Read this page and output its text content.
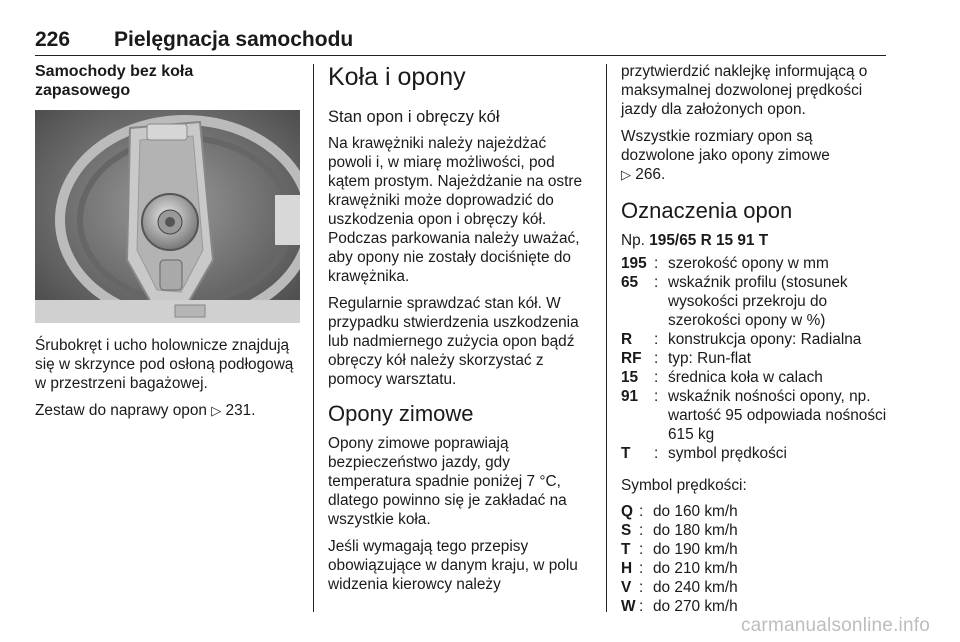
226 Pielęgnacja samochodu
Samochody bez koła
zapasowego

Śrubokręt i ucho holownicze znajdują się w skrzynce pod osłoną podłogową w przestrzeni bagażowej.

Zestaw do naprawy opon ▷ 231.

Koła i opony
Stan opon i obręczy kół

Na krawężniki należy najeżdżać powoli i, w miarę możliwości, pod kątem prostym. Najeżdżanie na ostre krawężniki może doprowadzić do uszkodzenia opon i obręczy kół. Podczas parkowania należy uważać, aby opony nie zostały dociśnięte do krawężnika.

Regularnie sprawdzać stan kół. W przypadku stwierdzenia uszkodzenia lub nadmiernego zużycia opon bądź obręczy kół należy skorzystać z pomocy warsztatu.

Opony zimowe

Opony zimowe poprawiają bezpieczeństwo jazdy, gdy temperatura spadnie poniżej 7 °C, dlatego powinno się je zakładać na wszystkie koła.

Jeśli wymagają tego przepisy obowiązujące w danym kraju, w polu widzenia kierowcy należy

przytwierdzić naklejkę informującą o maksymalnej dozwolonej prędkości jazdy dla założonych opon.

Wszystkie rozmiary opon są dozwolone jako opony zimowe
▷ 266.

Oznaczenia opon

Np. 195/65 R 15 91 T

195 : szerokość opony w mm
65	: wskaźnik profilu (stosunek wysokości przekroju do szerokości opony w %)
R	: konstrukcja opony: Radialna
RF : typ: Run-flat
15	: średnica koła w calach
91	: wskaźnik nośności opony, np. wartość 95 odpowiada nośności 615 kg
T	: symbol prędkości

Symbol prędkości:

Q : do 160 km/h
S : do 180 km/h
T : do 190 km/h
H : do 210 km/h
V : do 240 km/h
W : do 270 km/h
carmanualsonline.info
